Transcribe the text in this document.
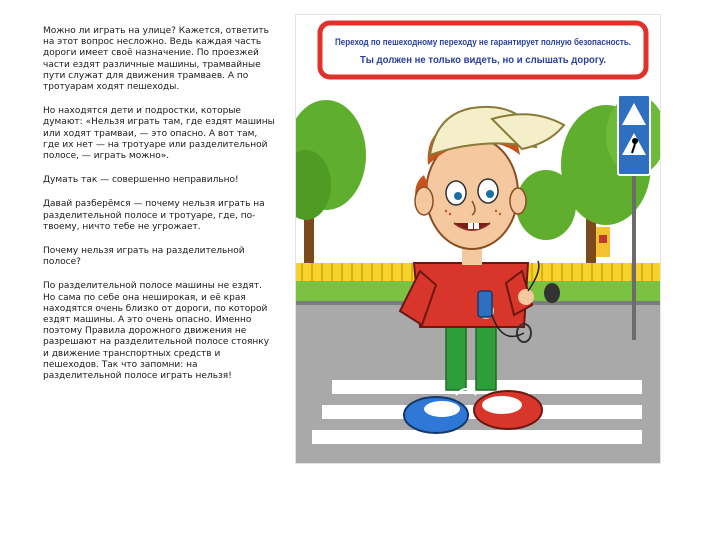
Можно ли играть на улице? Кажется, ответить на этот вопрос несложно. Ведь каждая часть дороги имеет своё назначение. По проезжей части ездят различные машины, трамвайные пути служат для движения трамваев. А по тротуарам ходят пешеходы.

Но находятся дети и подростки, которые думают: «Нельзя играть там, где ездят машины или ходят трамваи, — это опасно. А вот там, где их нет — на тротуаре или разделительной полосе, — играть можно».

Думать так — совершенно неправильно!

Давай разберёмся — почему нельзя играть на разделительной полосе и тротуаре, где, по-твоему, ничто тебе не угрожает.

Почему нельзя играть на разделительной полосе?

По разделительной полосе машины не ездят. Но сама по себе она неширокая, и её края находятся очень близко от дороги, по которой ездят машины. А это очень опасно. Именно поэтому Правила дорожного движения не разрешают на разделительной полосе стоянку и движение транспортных средств и пешеходов. Так что запомни: на разделительной полосе играть нельзя!

Переход по пешеходному переходу не гарантирует полную безопасность.
Ты должен не только видеть, но и слышать дорогу.
